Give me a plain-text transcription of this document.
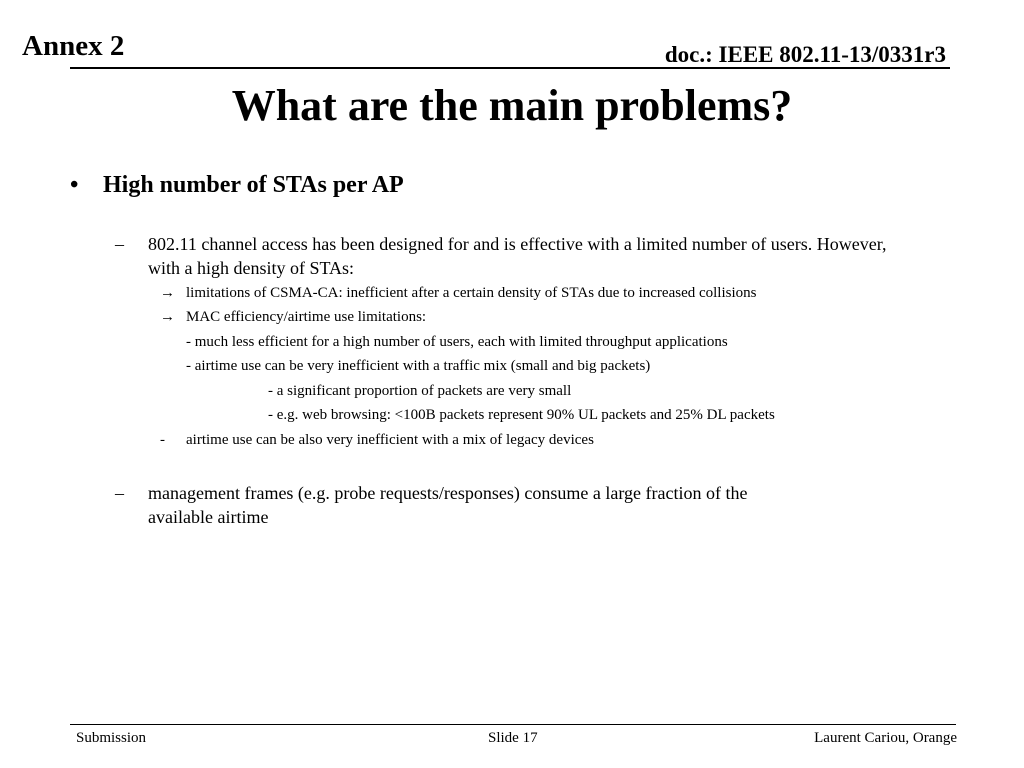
Annex 2	doc.: IEEE 802.11-13/0331r3
What are the main problems?
• High number of STAs per AP
– 802.11 channel access has been designed for and is effective with a limited number of users. However,
with a high density of STAs:
→ limitations of CSMA-CA: inefficient after a certain density of STAs due to increased collisions
→ MAC efficiency/airtime use limitations:
- much less efficient for a high number of users, each with limited throughput applications
- airtime use can be very inefficient with a traffic mix (small and big packets)
- a significant proportion of packets are very small
- e.g. web browsing: <100B packets represent 90% UL packets and 25% DL packets
- airtime use can be also very inefficient with a mix of legacy devices
– management frames (e.g. probe requests/responses) consume a large fraction of the
available airtime
Submission	Slide 17	Laurent Cariou, Orange
